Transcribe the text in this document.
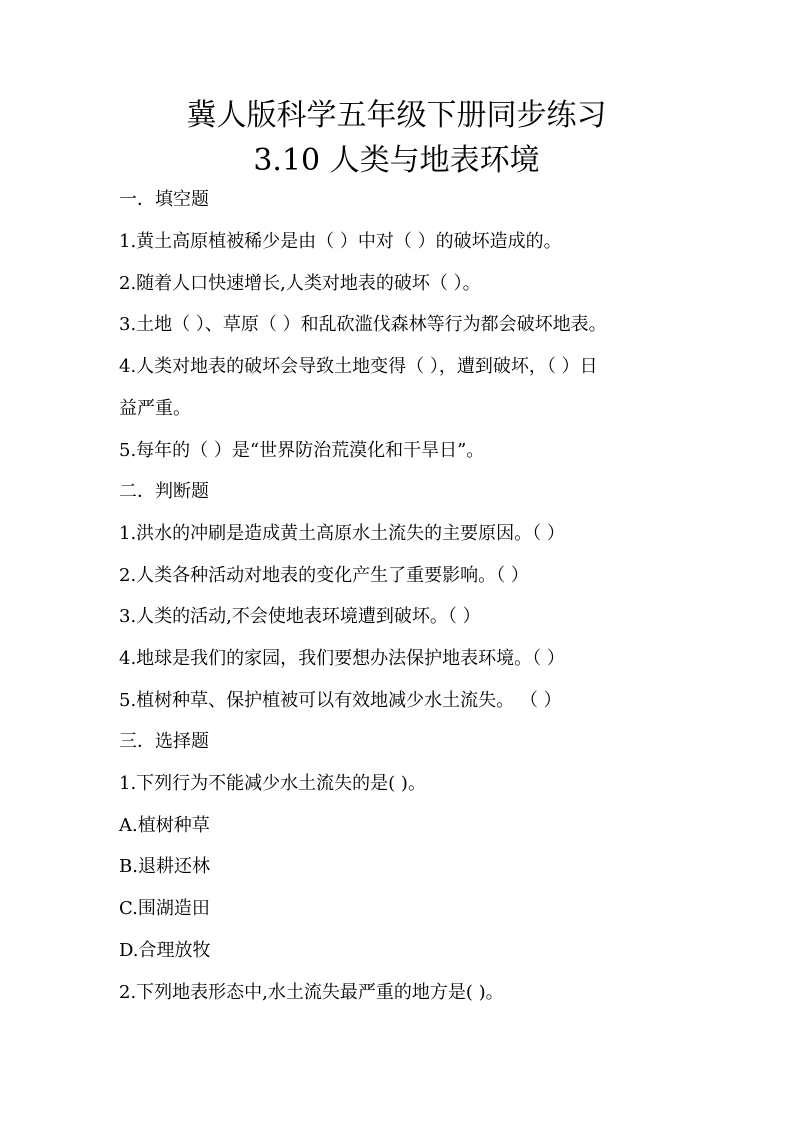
冀人版科学五年级下册同步练习
3.10 人类与地表环境
一．填空题
1.黄土高原植被稀少是由（ ）中对（ ）的破坏造成的。
2.随着人口快速增长,人类对地表的破坏（ ）。
3.土地（ ）、草原（ ）和乱砍滥伐森林等行为都会破坏地表。
4.人类对地表的破坏会导致土地变得（ ），遭到破坏，（ ）日
益严重。
5.每年的（ ）是“世界防治荒漠化和干旱日”。
二．判断题
1.洪水的冲刷是造成黄土高原水土流失的主要原因。（ ）
2.人类各种活动对地表的变化产生了重要影响。（ ）
3.人类的活动,不会使地表环境遭到破坏。（ ）
4.地球是我们的家园，我们要想办法保护地表环境。（ ）
5.植树种草、保护植被可以有效地减少水土流失。 （ ）
三．选择题
1.下列行为不能减少水土流失的是( )。
A.植树种草
B.退耕还林
C.围湖造田
D.合理放牧
2.下列地表形态中,水土流失最严重的地方是( )。
